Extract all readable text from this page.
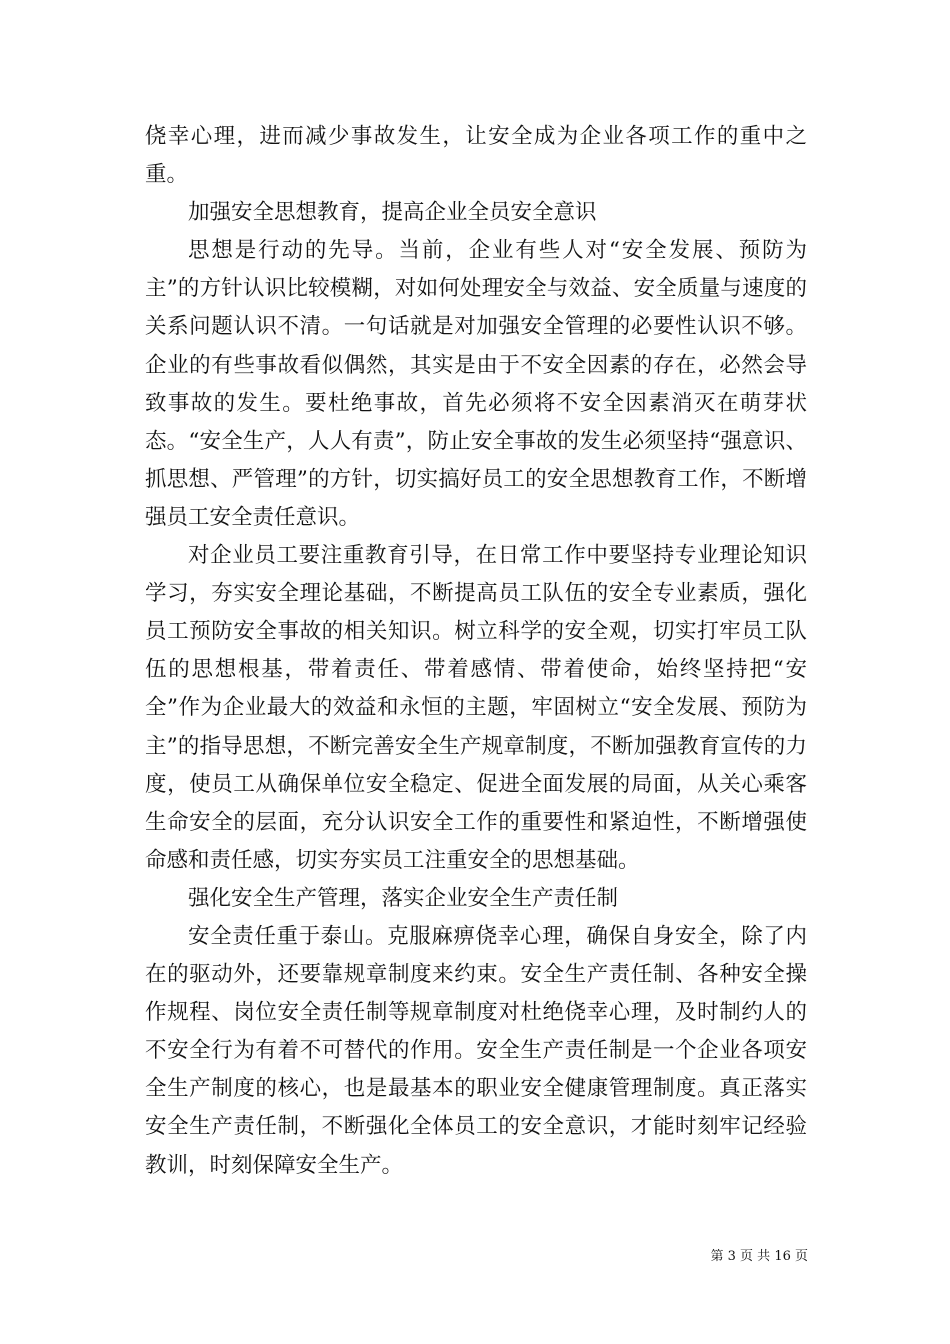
侥幸心理，进而减少事故发生，让安全成为企业各项工作的重中之重。

加强安全思想教育，提高企业全员安全意识

思想是行动的先导。当前，企业有些人对“安全发展、预防为主”的方针认识比较模糊，对如何处理安全与效益、安全质量与速度的关系问题认识不清。一句话就是对加强安全管理的必要性认识不够。企业的有些事故看似偶然，其实是由于不安全因素的存在，必然会导致事故的发生。要杜绝事故，首先必须将不安全因素消灭在萌芽状态。“安全生产，人人有责”，防止安全事故的发生必须坚持“强意识、抓思想、严管理”的方针，切实搞好员工的安全思想教育工作，不断增强员工安全责任意识。

对企业员工要注重教育引导，在日常工作中要坚持专业理论知识学习，夯实安全理论基础，不断提高员工队伍的安全专业素质，强化员工预防安全事故的相关知识。树立科学的安全观，切实打牢员工队伍的思想根基，带着责任、带着感情、带着使命，始终坚持把“安全”作为企业最大的效益和永恒的主题，牢固树立“安全发展、预防为主”的指导思想，不断完善安全生产规章制度，不断加强教育宣传的力度，使员工从确保单位安全稳定、促进全面发展的局面，从关心乘客生命安全的层面，充分认识安全工作的重要性和紧迫性，不断增强使命感和责任感，切实夯实员工注重安全的思想基础。

强化安全生产管理，落实企业安全生产责任制

安全责任重于泰山。克服麻痹侥幸心理，确保自身安全，除了内在的驱动外，还要靠规章制度来约束。安全生产责任制、各种安全操作规程、岗位安全责任制等规章制度对杜绝侥幸心理，及时制约人的不安全行为有着不可替代的作用。安全生产责任制是一个企业各项安全生产制度的核心，也是最基本的职业安全健康管理制度。真正落实安全生产责任制，不断强化全体员工的安全意识，才能时刻牢记经验教训，时刻保障安全生产。

第 3 页 共 16 页
